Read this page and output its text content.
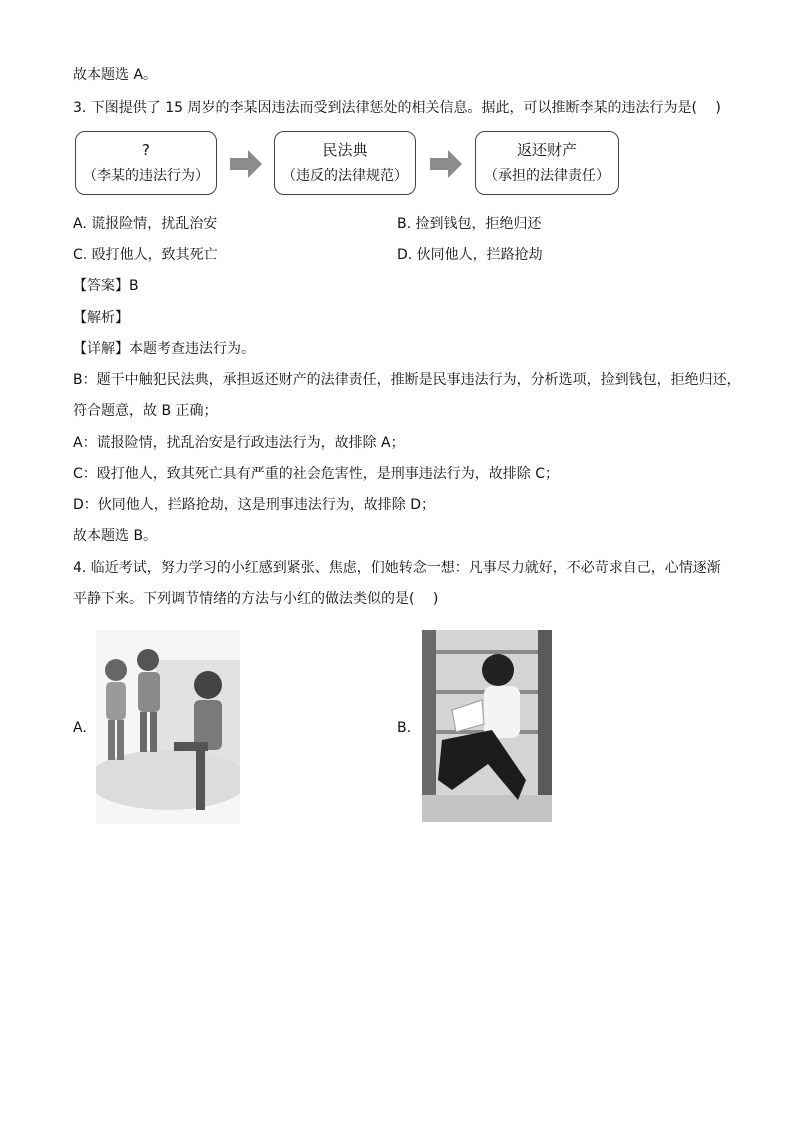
故本题选 A。
3. 下图提供了 15 周岁的李某因违法而受到法律惩处的相关信息。据此，可以推断李某的违法行为是(　 )
?
（李某的违法行为）
民法典
（违反的法律规范）
返还财产
（承担的法律责任）
A. 谎报险情，扰乱治安	B. 捡到钱包，拒绝归还
C. 殴打他人，致其死亡	D. 伙同他人，拦路抢劫
【答案】B
【解析】
【详解】本题考查违法行为。
B：题干中触犯民法典，承担返还财产的法律责任，推断是民事违法行为，分析选项，捡到钱包，拒绝归还，
符合题意，故 B 正确；
A：谎报险情，扰乱治安是行政违法行为，故排除 A；
C：殴打他人，致其死亡具有严重的社会危害性，是刑事违法行为，故排除 C；
D：伙同他人，拦路抢劫，这是刑事违法行为，故排除 D；
故本题选 B。
4. 临近考试，努力学习的小红感到紧张、焦虑，们她转念一想：凡事尽力就好，不必苛求自己，心情逐渐
平静下来。下列调节情绪的方法与小红的做法类似的是(　 )
A.	B.
